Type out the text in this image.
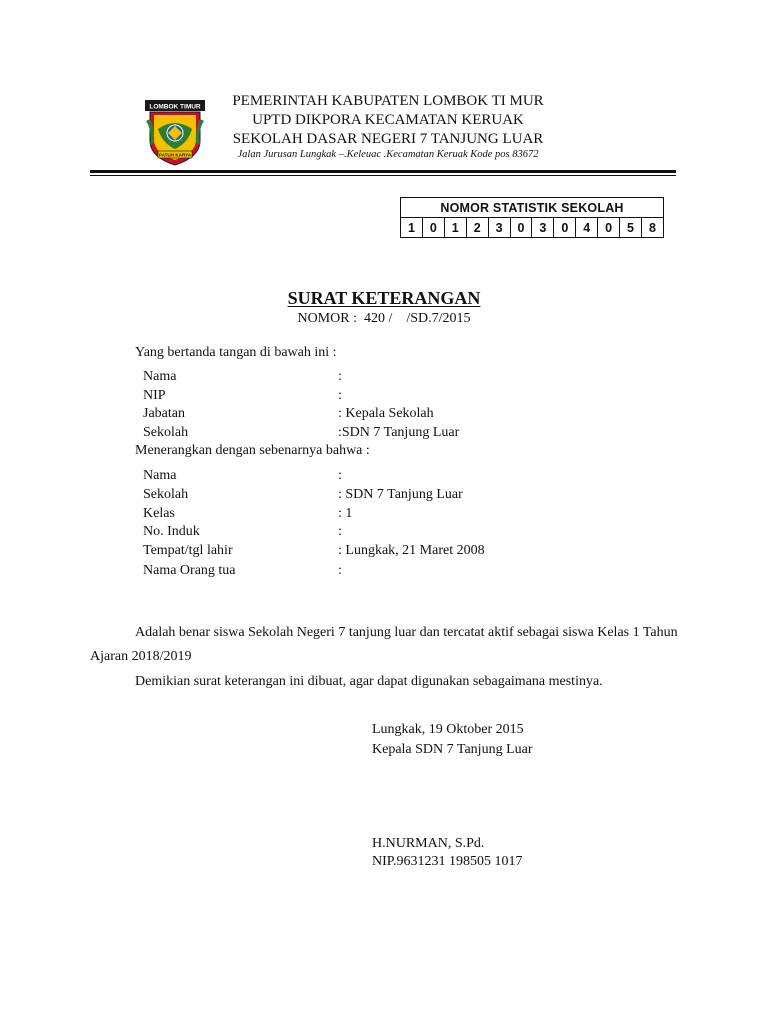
LOMBOK TIMUR
PATUH KARYA
PEMERINTAH KABUPATEN LOMBOK TI MUR
UPTD DIKPORA KECAMATAN KERUAK
SEKOLAH DASAR NEGERI 7 TANJUNG LUAR
Jalan Jurusan Lungkak –.Keleuac .Kecamatan Keruak Kode pos 83672
NOMOR STATISTIK SEKOLAH
1	0	1	2	3	0	3	0	4	0	5	8
SURAT KETERANGAN
NOMOR :  420 /    /SD.7/2015
Yang bertanda tangan di bawah ini :
Nama	:
NIP	:
Jabatan	: Kepala Sekolah
Sekolah	:SDN 7 Tanjung Luar
Menerangkan dengan sebenarnya bahwa :
Nama	:
Sekolah	: SDN 7 Tanjung Luar
Kelas	: 1
No. Induk	:
Tempat/tgl lahir	: Lungkak, 21 Maret 2008
Nama Orang tua	:
Adalah benar siswa Sekolah Negeri 7 tanjung luar dan tercatat aktif sebagai siswa Kelas 1 Tahun
Ajaran 2018/2019
Demikian surat keterangan ini dibuat, agar dapat digunakan sebagaimana mestinya.
Lungkak, 19 Oktober 2015
Kepala SDN 7 Tanjung Luar
H.NURMAN, S.Pd.
NIP.9631231 198505 1017
